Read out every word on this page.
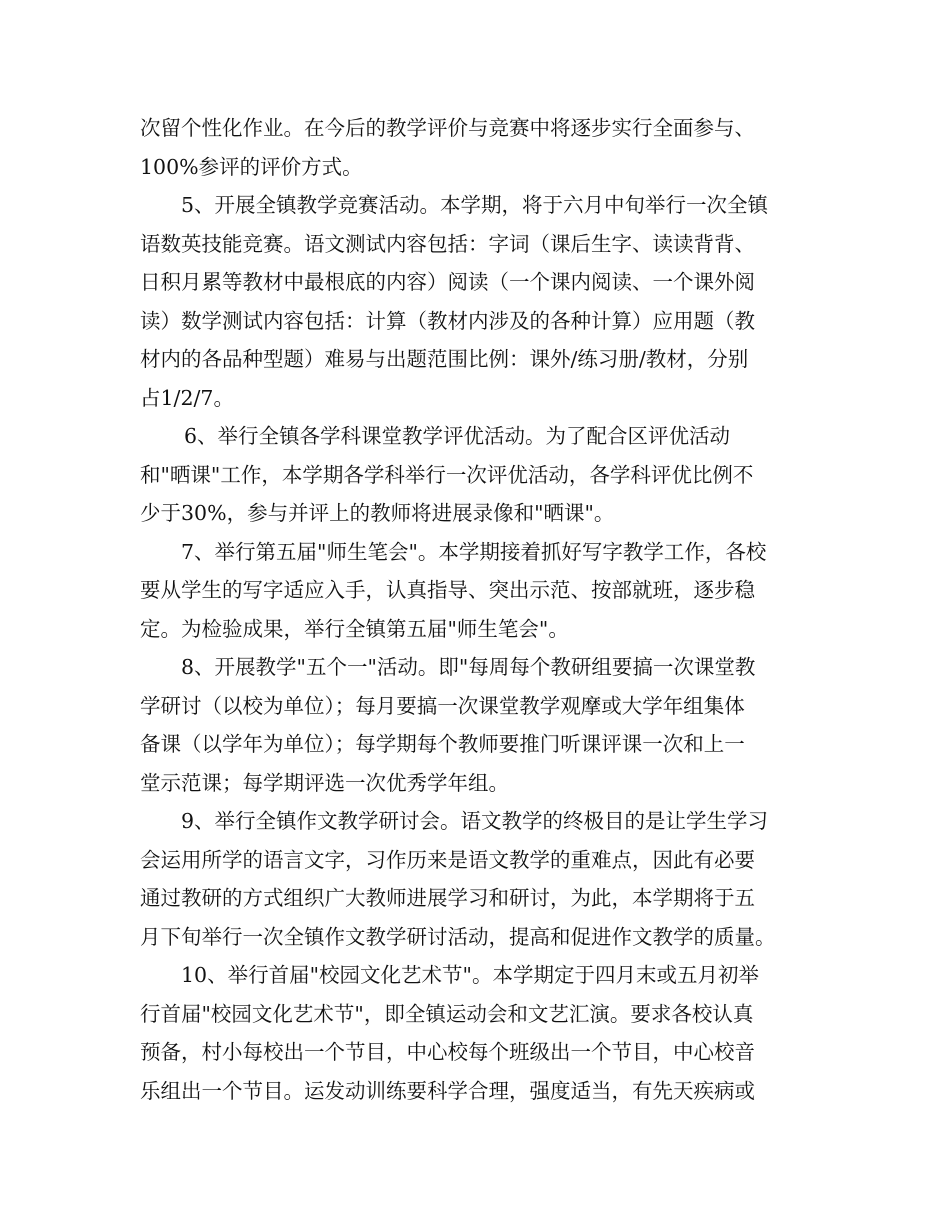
次留个性化作业。在今后的教学评价与竞赛中将逐步实行全面参与、
100%参评的评价方式。
5、开展全镇教学竞赛活动。本学期，将于六月中旬举行一次全镇
语数英技能竞赛。语文测试内容包括：字词（课后生字、读读背背、
日积月累等教材中最根底的内容）阅读（一个课内阅读、一个课外阅
读）数学测试内容包括：计算（教材内涉及的各种计算）应用题（教
材内的各品种型题）难易与出题范围比例：课外/练习册/教材，分别
占1/2/7。
6、举行全镇各学科课堂教学评优活动。为了配合区评优活动
和"晒课"工作，本学期各学科举行一次评优活动，各学科评优比例不
少于30%，参与并评上的教师将进展录像和"晒课"。
7、举行第五届"师生笔会"。本学期接着抓好写字教学工作，各校
要从学生的写字适应入手，认真指导、突出示范、按部就班，逐步稳
定。为检验成果，举行全镇第五届"师生笔会"。
8、开展教学"五个一"活动。即"每周每个教研组要搞一次课堂教
学研讨（以校为单位）；每月要搞一次课堂教学观摩或大学年组集体
备课（以学年为单位）；每学期每个教师要推门听课评课一次和上一
堂示范课；每学期评选一次优秀学年组。
9、举行全镇作文教学研讨会。语文教学的终极目的是让学生学习
会运用所学的语言文字，习作历来是语文教学的重难点，因此有必要
通过教研的方式组织广大教师进展学习和研讨，为此，本学期将于五
月下旬举行一次全镇作文教学研讨活动，提高和促进作文教学的质量。
10、举行首届"校园文化艺术节"。本学期定于四月末或五月初举
行首届"校园文化艺术节"，即全镇运动会和文艺汇演。要求各校认真
预备，村小每校出一个节目，中心校每个班级出一个节目，中心校音
乐组出一个节目。运发动训练要科学合理，强度适当，有先天疾病或
